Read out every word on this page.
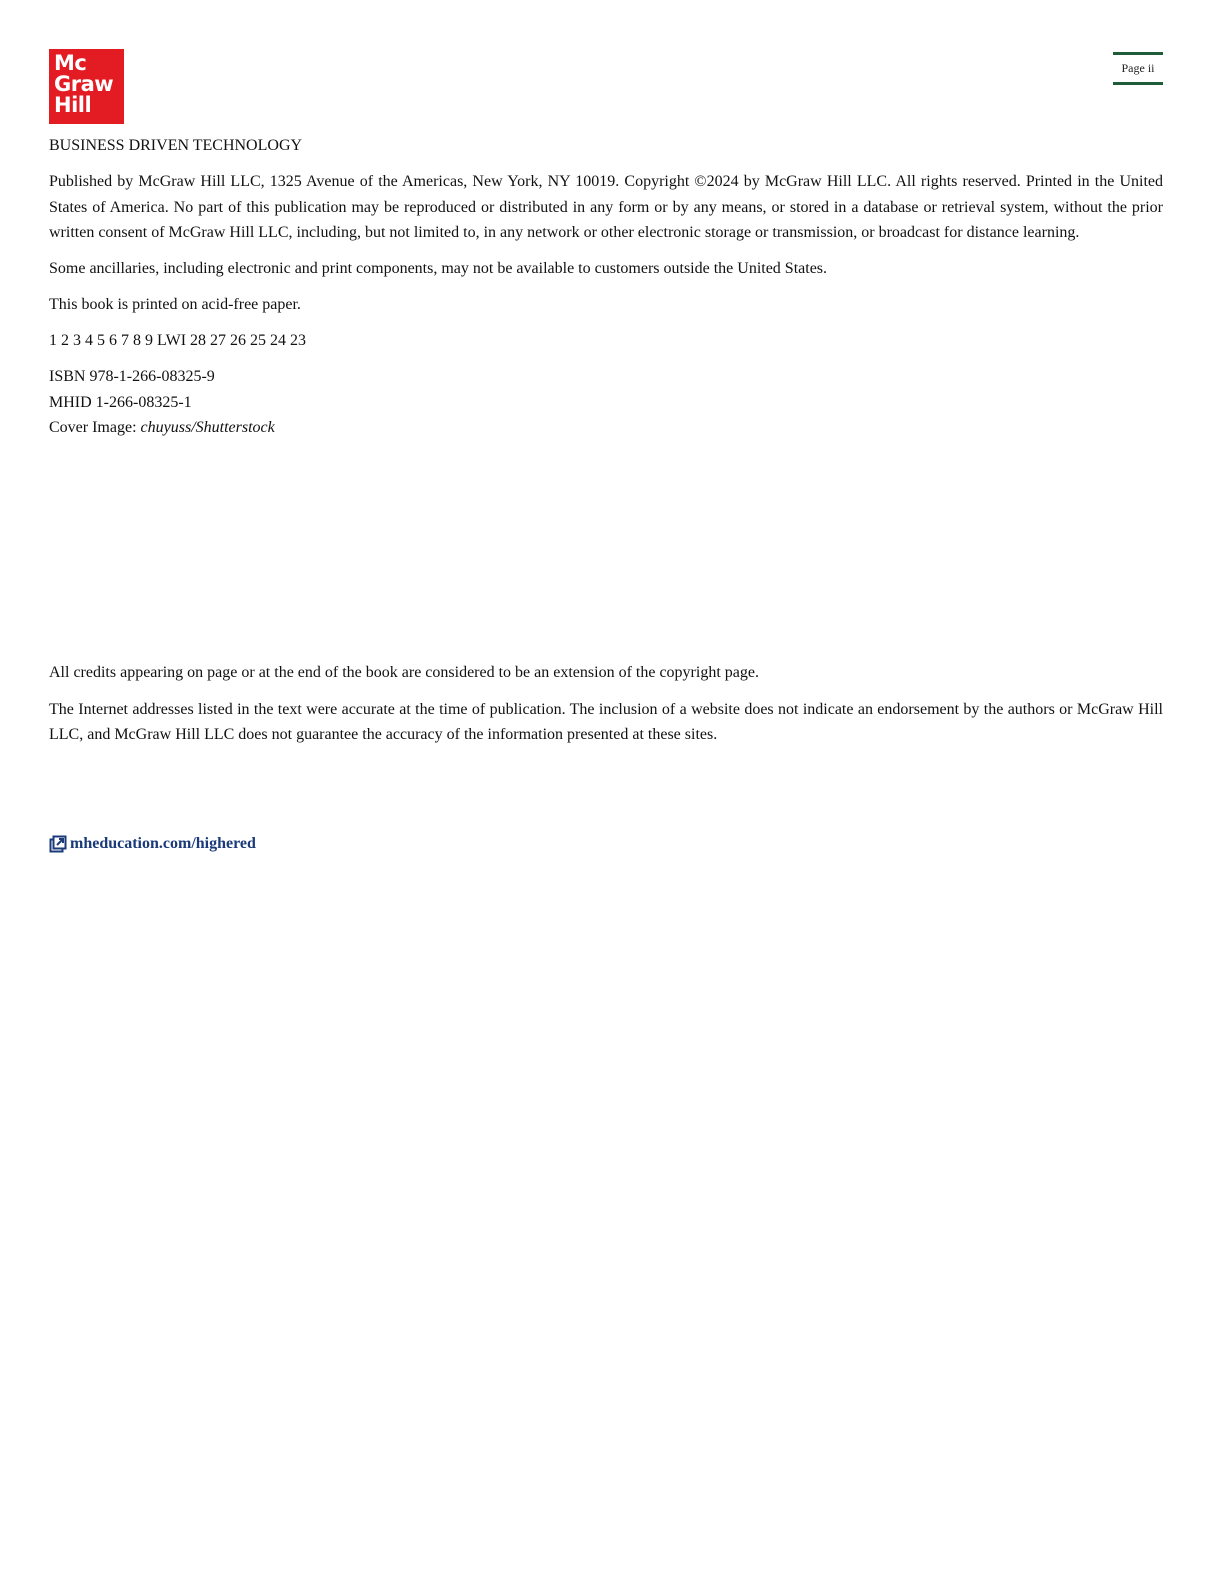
Mc
Graw
Hill
Page ii

BUSINESS DRIVEN TECHNOLOGY

Published by McGraw Hill LLC, 1325 Avenue of the Americas, New York, NY 10019. Copyright ©2024 by McGraw Hill LLC. All rights reserved. Printed in the United States of America. No part of this publication may be reproduced or distributed in any form or by any means, or stored in a database or retrieval system, without the prior written consent of McGraw Hill LLC, including, but not limited to, in any network or other electronic storage or transmission, or broadcast for distance learning.

Some ancillaries, including electronic and print components, may not be available to customers outside the United States.

This book is printed on acid-free paper.

1 2 3 4 5 6 7 8 9 LWI 28 27 26 25 24 23

ISBN 978-1-266-08325-9

MHID 1-266-08325-1

Cover Image: chuyuss/Shutterstock

All credits appearing on page or at the end of the book are considered to be an extension of the copyright page.

The Internet addresses listed in the text were accurate at the time of publication. The inclusion of a website does not indicate an endorsement by the authors or McGraw Hill LLC, and McGraw Hill LLC does not guarantee the accuracy of the information presented at these sites.

mheducation.com/highered
